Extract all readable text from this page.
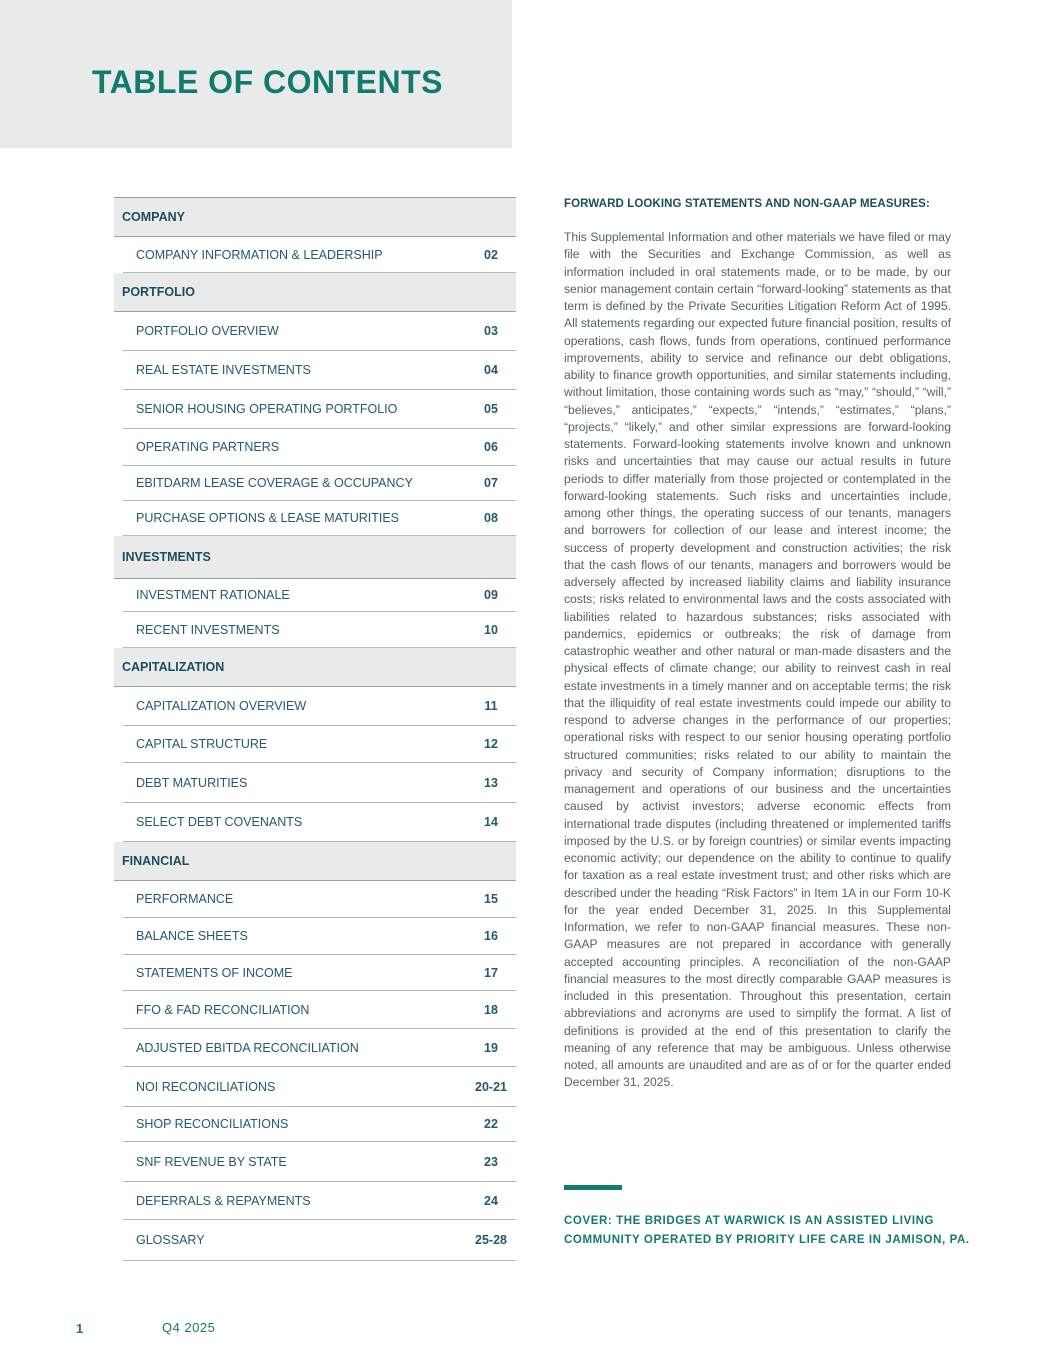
TABLE OF CONTENTS
COMPANY
COMPANY INFORMATION & LEADERSHIP	02
PORTFOLIO
PORTFOLIO OVERVIEW	03
REAL ESTATE INVESTMENTS	04
SENIOR HOUSING OPERATING PORTFOLIO	05
OPERATING PARTNERS	06
EBITDARM LEASE COVERAGE & OCCUPANCY	07
PURCHASE OPTIONS & LEASE MATURITIES	08
INVESTMENTS
INVESTMENT RATIONALE	09
RECENT INVESTMENTS	10
CAPITALIZATION
CAPITALIZATION OVERVIEW	11
CAPITAL STRUCTURE	12
DEBT MATURITIES	13
SELECT DEBT COVENANTS	14
FINANCIAL
PERFORMANCE	15
BALANCE SHEETS	16
STATEMENTS OF INCOME	17
FFO & FAD RECONCILIATION	18
ADJUSTED EBITDA RECONCILIATION	19
NOI RECONCILIATIONS	20-21
SHOP RECONCILIATIONS	22
SNF REVENUE BY STATE	23
DEFERRALS & REPAYMENTS	24
GLOSSARY	25-28
FORWARD LOOKING STATEMENTS AND NON-GAAP MEASURES:

This Supplemental Information and other materials we have filed or may file with the Securities and Exchange Commission, as well as information included in oral statements made, or to be made, by our senior management contain certain “forward-looking” statements as that term is defined by the Private Securities Litigation Reform Act of 1995. All statements regarding our expected future financial position, results of operations, cash flows, funds from operations, continued performance improvements, ability to service and refinance our debt obligations, ability to finance growth opportunities, and similar statements including, without limitation, those containing words such as “may,” “should,” “will,” “believes,” anticipates,” “expects,” “intends,” “estimates,” “plans,” “projects,” “likely,” and other similar expressions are forward-looking statements. Forward-looking statements involve known and unknown risks and uncertainties that may cause our actual results in future periods to differ materially from those projected or contemplated in the forward-looking statements. Such risks and uncertainties include, among other things, the operating success of our tenants, managers and borrowers for collection of our lease and interest income; the success of property development and construction activities; the risk that the cash flows of our tenants, managers and borrowers would be adversely affected by increased liability claims and liability insurance costs; risks related to environmental laws and the costs associated with liabilities related to hazardous substances; risks associated with pandemics, epidemics or outbreaks; the risk of damage from catastrophic weather and other natural or man-made disasters and the physical effects of climate change; our ability to reinvest cash in real estate investments in a timely manner and on acceptable terms; the risk that the illiquidity of real estate investments could impede our ability to respond to adverse changes in the performance of our properties; operational risks with respect to our senior housing operating portfolio structured communities; risks related to our ability to maintain the privacy and security of Company information; disruptions to the management and operations of our business and the uncertainties caused by activist investors; adverse economic effects from international trade disputes (including threatened or implemented tariffs imposed by the U.S. or by foreign countries) or similar events impacting economic activity; our dependence on the ability to continue to qualify for taxation as a real estate investment trust; and other risks which are described under the heading “Risk Factors” in Item 1A in our Form 10-K for the year ended December 31, 2025. In this Supplemental Information, we refer to non-GAAP financial measures. These non-GAAP measures are not prepared in accordance with generally accepted accounting principles. A reconciliation of the non-GAAP financial measures to the most directly comparable GAAP measures is included in this presentation. Throughout this presentation, certain abbreviations and acronyms are used to simplify the format. A list of definitions is provided at the end of this presentation to clarify the meaning of any reference that may be ambiguous. Unless otherwise noted, all amounts are unaudited and are as of or for the quarter ended December 31, 2025.

COVER: THE BRIDGES AT WARWICK IS AN ASSISTED LIVING
COMMUNITY OPERATED BY PRIORITY LIFE CARE IN JAMISON, PA.

1	Q4 2025
